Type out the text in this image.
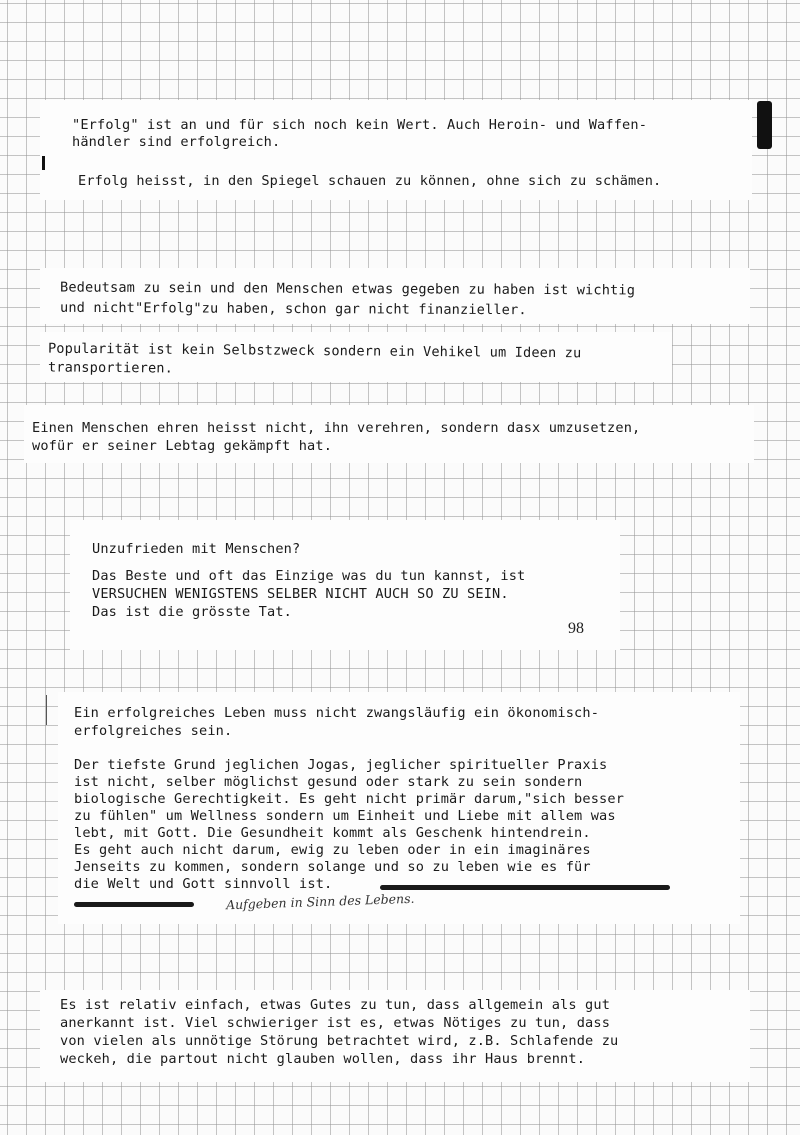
"Erfolg" ist an und für sich noch kein Wert. Auch Heroin- und Waffen-
händler sind erfolgreich.
Erfolg heisst, in den Spiegel schauen zu können, ohne sich zu schämen.
Bedeutsam zu sein und den Menschen etwas gegeben zu haben ist wichtig
und nicht"Erfolg"zu haben, schon gar nicht finanzieller.
Popularität ist kein Selbstzweck sondern ein Vehikel um Ideen zu
transportieren.
Einen Menschen ehren heisst nicht, ihn verehren, sondern dasx umzusetzen,
wofür er seiner Lebtag gekämpft hat.
Unzufrieden mit Menschen?
Das Beste und oft das Einzige was du tun kannst, ist
VERSUCHEN WENIGSTENS SELBER NICHT AUCH SO ZU SEIN.
Das ist die grösste Tat.
98
Ein erfolgreiches Leben muss nicht zwangsläufig ein ökonomisch-
erfolgreiches sein.
Der tiefste Grund jeglichen Jogas, jeglicher spiritueller Praxis
ist nicht, selber möglichst gesund oder stark zu sein sondern
biologische Gerechtigkeit. Es geht nicht primär darum,"sich besser
zu fühlen" um Wellness sondern um Einheit und Liebe mit allem was
lebt, mit Gott. Die Gesundheit kommt als Geschenk hintendrein.
Es geht auch nicht darum, ewig zu leben oder in ein imaginäres
Jenseits zu kommen, sondern solange und so zu leben wie es für
die Welt und Gott sinnvoll ist.
Aufgeben in Sinn des Lebens.
Es ist relativ einfach, etwas Gutes zu tun, dass allgemein als gut
anerkannt ist. Viel schwieriger ist es, etwas Nötiges zu tun, dass
von vielen als unnötige Störung betrachtet wird, z.B. Schlafende zu
weckeh, die partout nicht glauben wollen, dass ihr Haus brennt.
